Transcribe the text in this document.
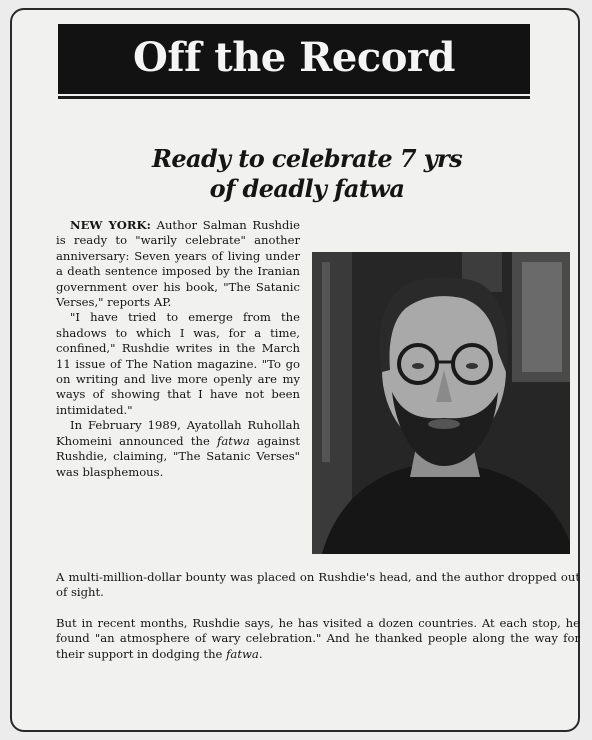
Off the Record
Ready to celebrate 7 yrs
of deadly fatwa

NEW YORK: Author Salman Rushdie is ready to "warily celebrate" another anniversary: Seven years of living under a death sentence imposed by the Iranian government over his book, "The Satanic Verses," reports AP.

"I have tried to emerge from the shadows to which I was, for a time, confined," Rushdie writes in the March 11 issue of The Nation magazine. "To go on writing and live more openly are my ways of showing that I have not been intimidated."

In February 1989, Ayatollah Ruhollah Khomeini announced the fatwa against Rushdie, claiming, "The Satanic Verses" was blasphemous.

A multi-million-dollar bounty was placed on Rushdie's head, and the author dropped out of sight.

But in recent months, Rushdie says, he has visited a dozen countries. At each stop, he found "an atmosphere of wary celebration." And he thanked people along the way for their support in dodging the fatwa.
